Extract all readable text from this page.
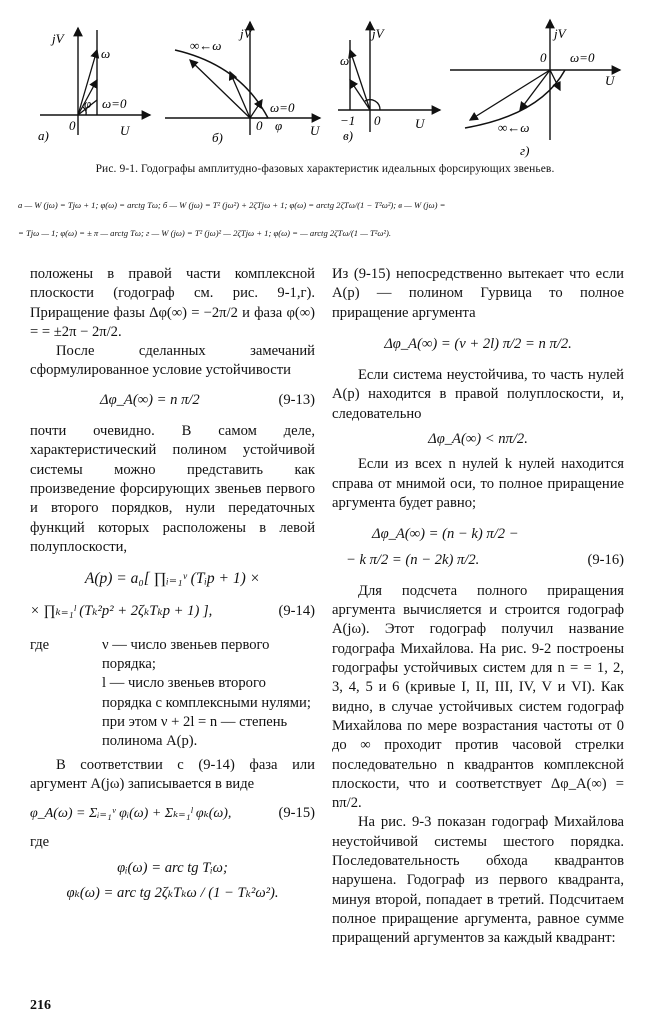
jV
U
ω=0
0
а)
φ
ω
jV
∞←ω
ω=0
U
0
б)
φ
jV
U
−1 0
в)
ω
jV
ω=0
U
0
∞←ω
г)
Рис. 9-1. Годографы амплитудно-фазовых характеристик идеальных форсирующих звеньев.
а — W (jω) = Tjω + 1; φ(ω) = arctg Tω; б — W (jω) = T² (jω²) + 2ζTjω + 1; φ(ω) = arctg 2ζTω/(1 − T²ω²); в — W (jω) =
= Tjω — 1; φ(ω) = ± π — arctg Tω; г — W (jω) = T² (jω)² — 2ζTjω + 1; φ(ω) = — arctg 2ζTω/(1 — T²ω²).

положены в правой части комплексной плоскости (годограф см. рис. 9-1,г). Приращение фазы Δφ(∞) = −2π/2 и фаза φ(∞) = = ±2π − 2π/2.

После сделанных замечаний сформулированное условие устойчивости

Δφ_A(∞) = n π/2	(9-13)

почти очевидно. В самом деле, характеристический полином устойчивой системы можно представить как произведение форсирующих звеньев первого и второго порядков, нули передаточных функций которых расположены в левой полуплоскости,

A(p) = a₀[ ∏ᵢ₌₁ᵛ (Tᵢp + 1) ×
× ∏ₖ₌₁ˡ (Tₖ²p² + 2ζₖTₖp + 1) ],	(9-14)
где	ν — число звеньев первого порядка;
l — число звеньев второго порядка с комплексными нулями; при этом ν + 2l = n — степень полинома A(p).

В соответствии с (9-14) фаза или аргумент A(jω) записывается в виде

φ_A(ω) = Σᵢ₌₁ᵛ φᵢ(ω) + Σₖ₌₁ˡ φₖ(ω),	(9-15)

где

φᵢ(ω) = arc tg Tᵢω;
φₖ(ω) = arc tg 2ζₖTₖω / (1 − Tₖ²ω²).

Из (9-15) непосредственно вытекает что если A(p) — полином Гурвица то полное приращение аргумента

Δφ_A(∞) = (ν + 2l) π/2 = n π/2.

Если система неустойчива, то часть нулей A(p) находится в правой полуплоскости, и, следовательно

Δφ_A(∞) < nπ/2.

Если из всех n нулей k нулей находится справа от мнимой оси, то полное приращение аргумента будет равно;

Δφ_A(∞) = (n − k) π/2 −
− k π/2 = (n − 2k) π/2.	(9-16)

Для подсчета полного приращения аргумента вычисляется и строится годограф A(jω). Этот годограф получил название годографа Михайлова. На рис. 9-2 построены годографы устойчивых систем для n = = 1, 2, 3, 4, 5 и 6 (кривые I, II, III, IV, V и VI). Как видно, в случае устойчивых систем годограф Михайлова по мере возрастания частоты от 0 до ∞ проходит против часовой стрелки последовательно n квадрантов комплексной плоскости, что и соответствует Δφ_A(∞) = nπ/2.

На рис. 9-3 показан годограф Михайлова неустойчивой системы шестого порядка. Последовательность обхода квадрантов нарушена. Годограф из первого квадранта, минуя второй, попадает в третий. Подсчитаем полное приращение аргумента, равное сумме приращений аргументов за каждый квадрант:

216
